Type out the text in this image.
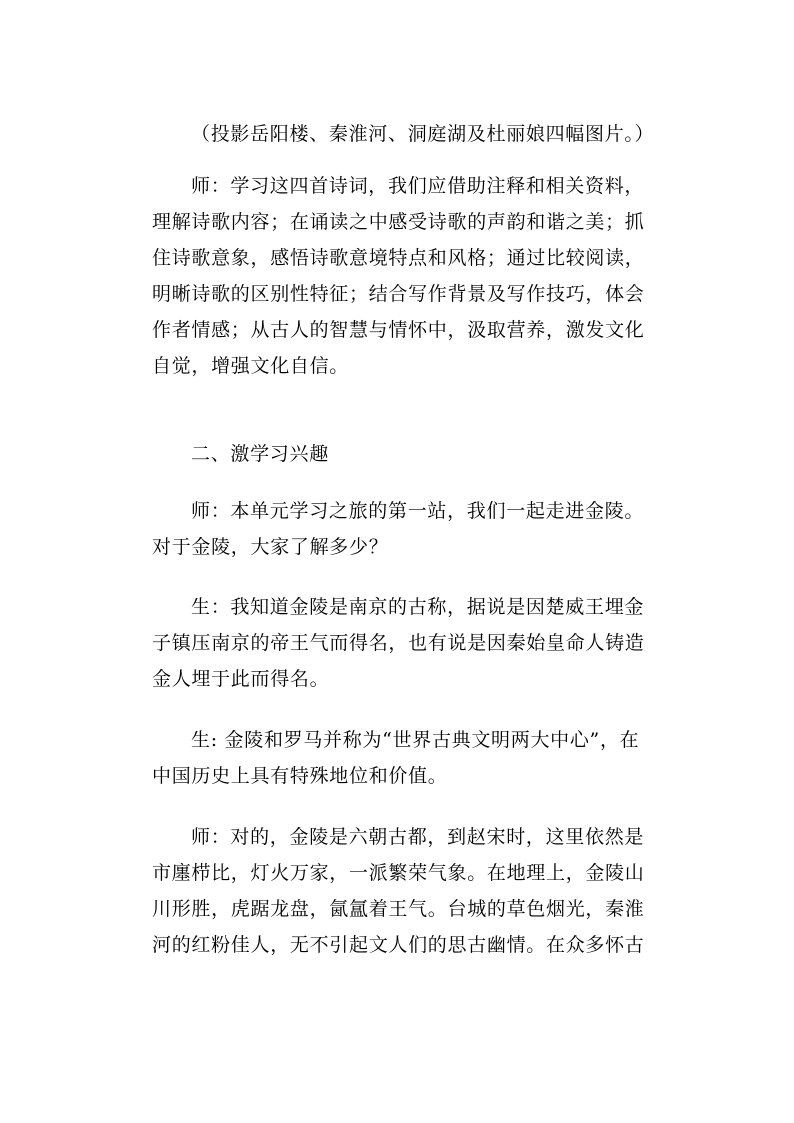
（投影岳阳楼、秦淮河、洞庭湖及杜丽娘四幅图片。）
师：学习这四首诗词，我们应借助注释和相关资料，
理解诗歌内容；在诵读之中感受诗歌的声韵和谐之美；抓
住诗歌意象，感悟诗歌意境特点和风格；通过比较阅读，
明晰诗歌的区别性特征；结合写作背景及写作技巧，体会
作者情感；从古人的智慧与情怀中，汲取营养，激发文化
自觉，增强文化自信。
二、激学习兴趣
师：本单元学习之旅的第一站，我们一起走进金陵。
对于金陵，大家了解多少？
生：我知道金陵是南京的古称，据说是因楚威王埋金
子镇压南京的帝王气而得名，也有说是因秦始皇命人铸造
金人埋于此而得名。
生: 金陵和罗马并称为“世界古典文明两大中心”，在
中国历史上具有特殊地位和价值。
师：对的，金陵是六朝古都，到赵宋时，这里依然是
市廛栉比，灯火万家，一派繁荣气象。在地理上，金陵山
川形胜，虎踞龙盘，氤氲着王气。台城的草色烟光，秦淮
河的红粉佳人，无不引起文人们的思古幽情。在众多怀古
